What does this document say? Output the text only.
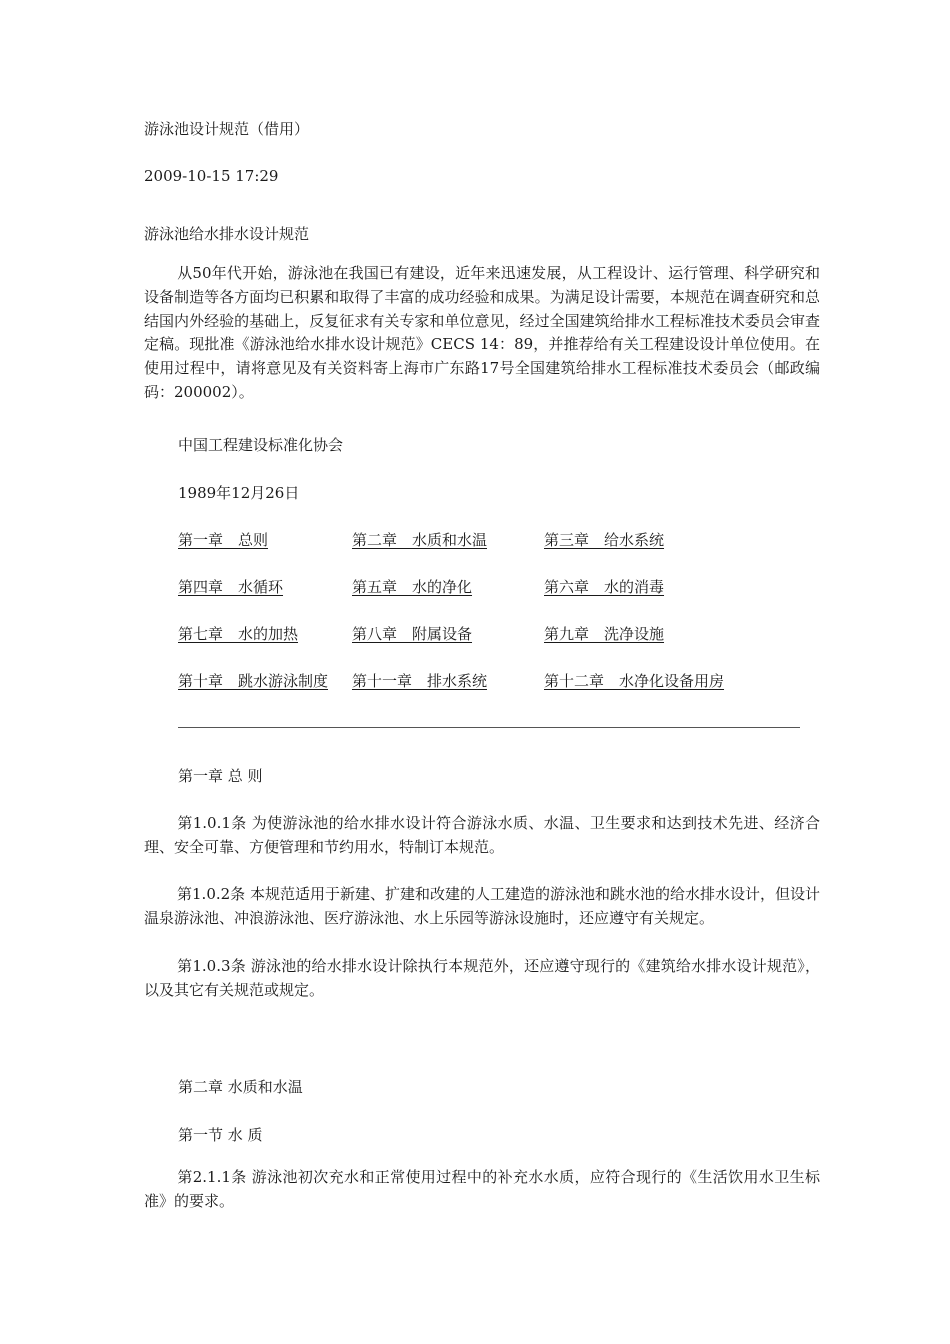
游泳池设计规范（借用）
2009-10-15 17:29
游泳池给水排水设计规范
从50年代开始，游泳池在我国已有建设，近年来迅速发展，从工程设计、运行管理、科学研究和设备制造等各方面均已积累和取得了丰富的成功经验和成果。为满足设计需要，本规范在调查研究和总结国内外经验的基础上，反复征求有关专家和单位意见，经过全国建筑给排水工程标准技术委员会审查定稿。现批准《游泳池给水排水设计规范》CECS 14：89，并推荐给有关工程建设设计单位使用。在使用过程中，请将意见及有关资料寄上海市广东路17号全国建筑给排水工程标准技术委员会（邮政编码：200002）。
中国工程建设标准化协会
1989年12月26日
第一章　总则	第二章　水质和水温	第三章　给水系统
第四章　水循环	第五章　水的净化	第六章　水的消毒
第七章　水的加热	第八章　附属设备	第九章　洗净设施
第十章　跳水游泳制度 第十一章　排水系统	第十二章　水净化设备用房
第一章 总 则
第1.0.1条 为使游泳池的给水排水设计符合游泳水质、水温、卫生要求和达到技术先进、经济合理、安全可靠、方便管理和节约用水，特制订本规范。
第1.0.2条 本规范适用于新建、扩建和改建的人工建造的游泳池和跳水池的给水排水设计，但设计温泉游泳池、冲浪游泳池、医疗游泳池、水上乐园等游泳设施时，还应遵守有关规定。
第1.0.3条 游泳池的给水排水设计除执行本规范外，还应遵守现行的《建筑给水排水设计规范》，以及其它有关规范或规定。
第二章 水质和水温
第一节 水 质
第2.1.1条 游泳池初次充水和正常使用过程中的补充水水质，应符合现行的《生活饮用水卫生标准》的要求。
